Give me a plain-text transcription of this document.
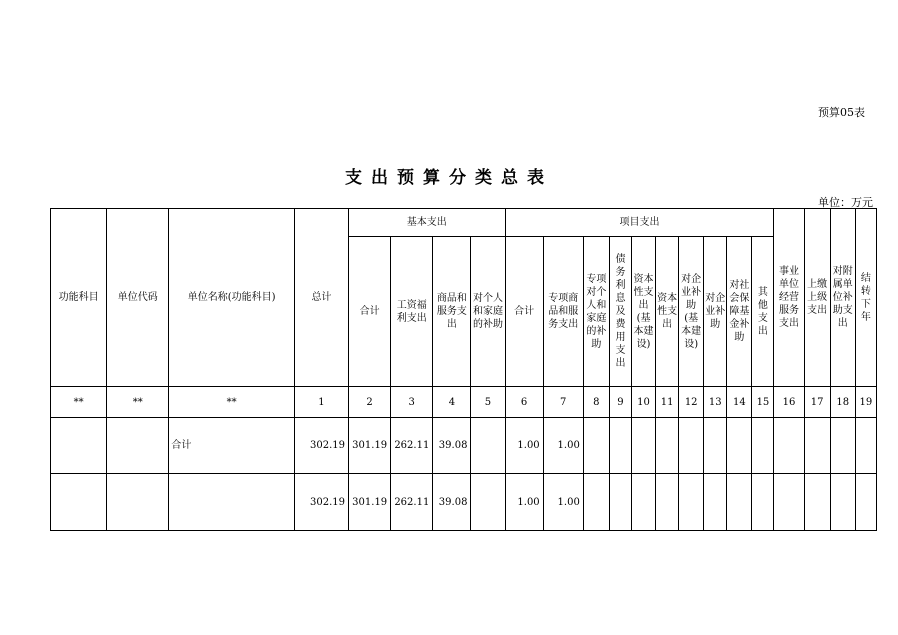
预算05表
支出预算分类总表
单位：万元
功能科目	单位代码	单位名称(功能科目)	总计	基本支出				项目支出										事业单位经营服务支出	上缴上级支出	对附属单位补助支出	结转下年
				合计	工资福利支出	商品和服务支出	对个人和家庭的补助	合计	专项商品和服务支出	专项对个人和家庭的补助	债务利息及费用支出	资本性支出(基本建设)	资本性支出	对企业补助(基本建设)	对企业补助	对社会保障基金补助	其他支出				
**	**	**	1	2	3	4	5	6	7	8	9	10	11	12	13	14	15	16	17	18	19
		合计	302.19	301.19	262.11	39.08		1.00	1.00												
			302.19	301.19	262.11	39.08		1.00	1.00												
